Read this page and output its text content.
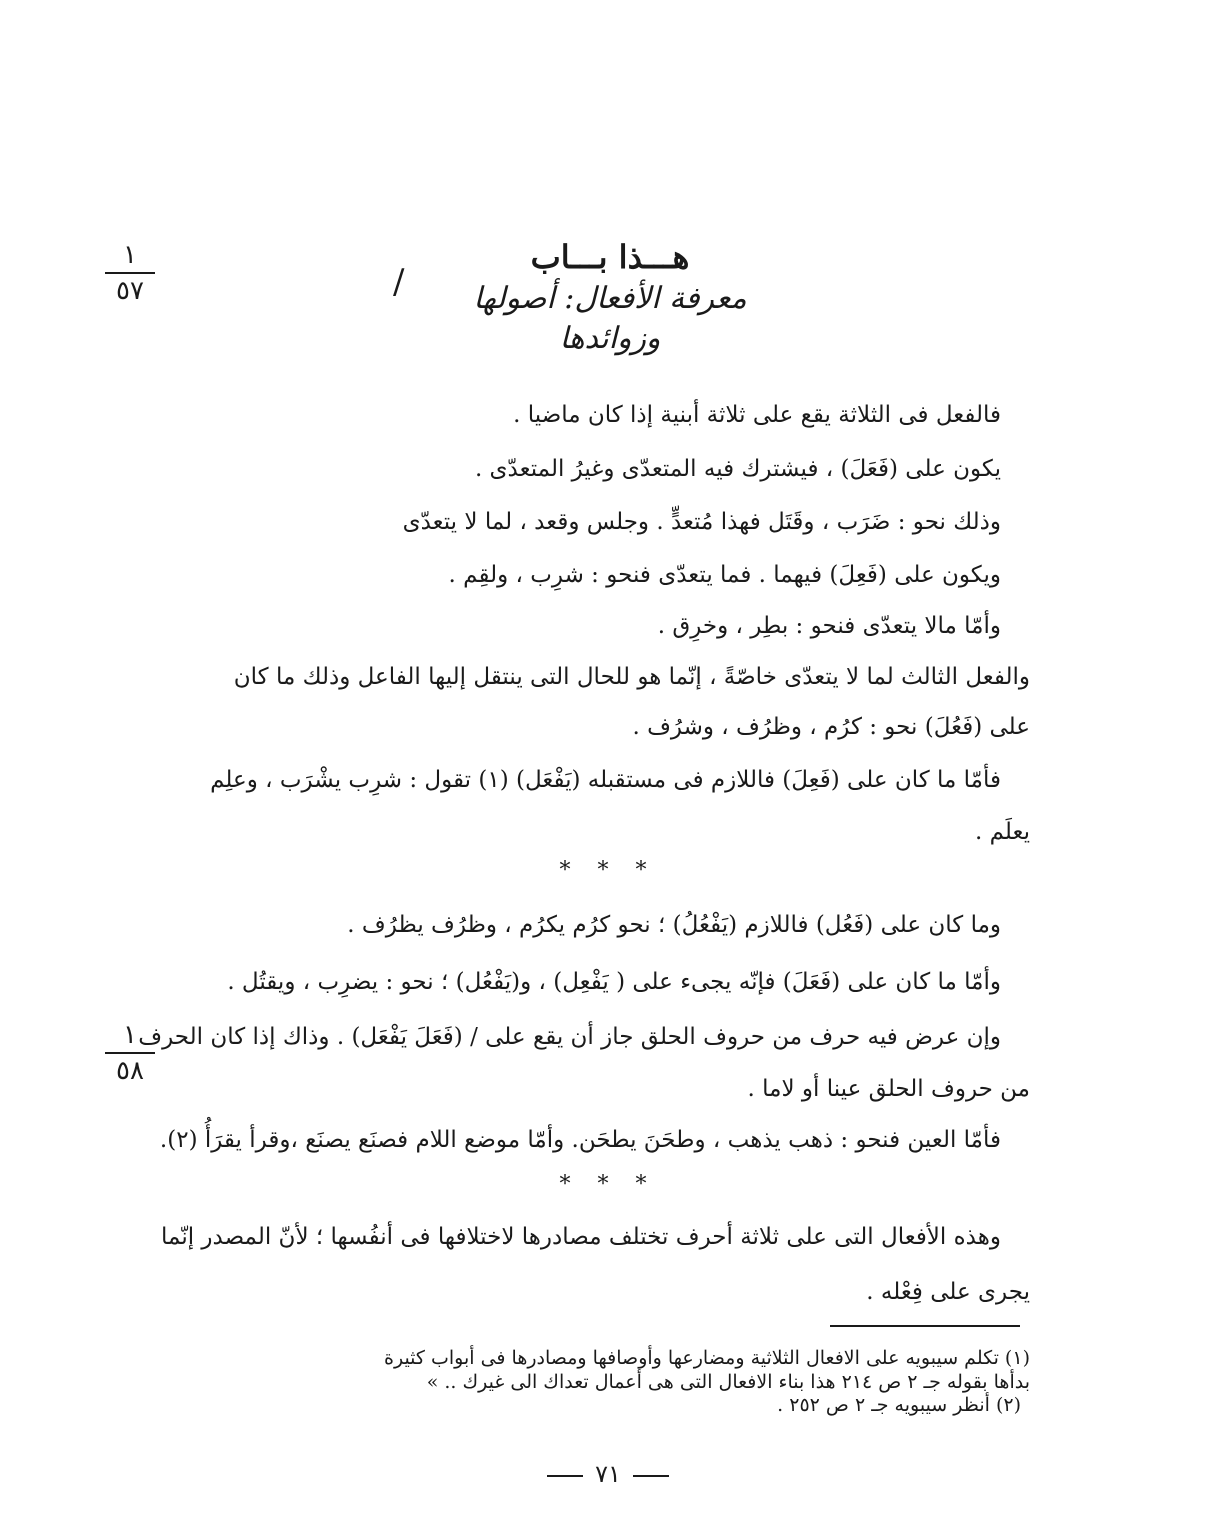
١
٥٧
١
٥٨
/
هـــذا بـــاب
معرفة الأفعال: أصولها وزوائدها
فالفعل فى الثلاثة يقع على ثلاثة أبنية إذا كان ماضيا .
يكون على (فَعَلَ) ، فيشترك فيه المتعدّى وغيرُ المتعدّى .
وذلك نحو : ضَرَب ، وقَتَل فهذا مُتعدٍّ . وجلس وقعد ، لما لا يتعدّى
ويكون على (فَعِلَ) فيهما . فما يتعدّى فنحو : شرِب ، ولقِم .
وأمّا مالا يتعدّى فنحو : بطِر ، وخرِق .
والفعل الثالث لما لا يتعدّى خاصّةً ، إنّما هو للحال التى ينتقل إليها الفاعل وذلك ما كان
على (فَعُلَ) نحو : كرُم ، وظرُف ، وشرُف .
فأمّا ما كان على (فَعِلَ) فاللازم فى مستقبله (يَفْعَل) (١) تقول : شرِب يشْرَب ، وعلِم
يعلَم .
* * *
وما كان على (فَعُل) فاللازم (يَفْعُلُ) ؛ نحو كرُم يكرُم ، وظرُف يظرُف .
وأمّا ما كان على (فَعَلَ) فإنّه يجىء على ( يَفْعِل) ، و(يَفْعُل) ؛ نحو : يضرِب ، ويقتُل .
وإن عرض فيه حرف من حروف الحلق جاز أن يقع على / (فَعَلَ يَفْعَل) . وذاك إذا كان الحرف
من حروف الحلق عينا أو لاما .
فأمّا العين فنحو : ذهب يذهب ، وطحَنَ يطحَن. وأمّا موضع اللام فصنَع يصنَع ،وقرأ يقرَأُ (٢).
* * *
وهذه الأفعال التى على ثلاثة أحرف تختلف مصادرها لاختلافها فى أنفُسها ؛ لأنّ المصدر إنّما
يجرى على فِعْله .
(١) تكلم سيبويه على الافعال الثلاثية ومضارعها وأوصافها ومصادرها فى أبواب كثيرة
بدأها بقوله جـ ٢ ص ٢١٤ هذا بناء الافعال التى هى أعمال تعداك الى غيرك .. »
(٢) أنظر سيبويه جـ ٢ ص ٢٥٢ .
٧١
